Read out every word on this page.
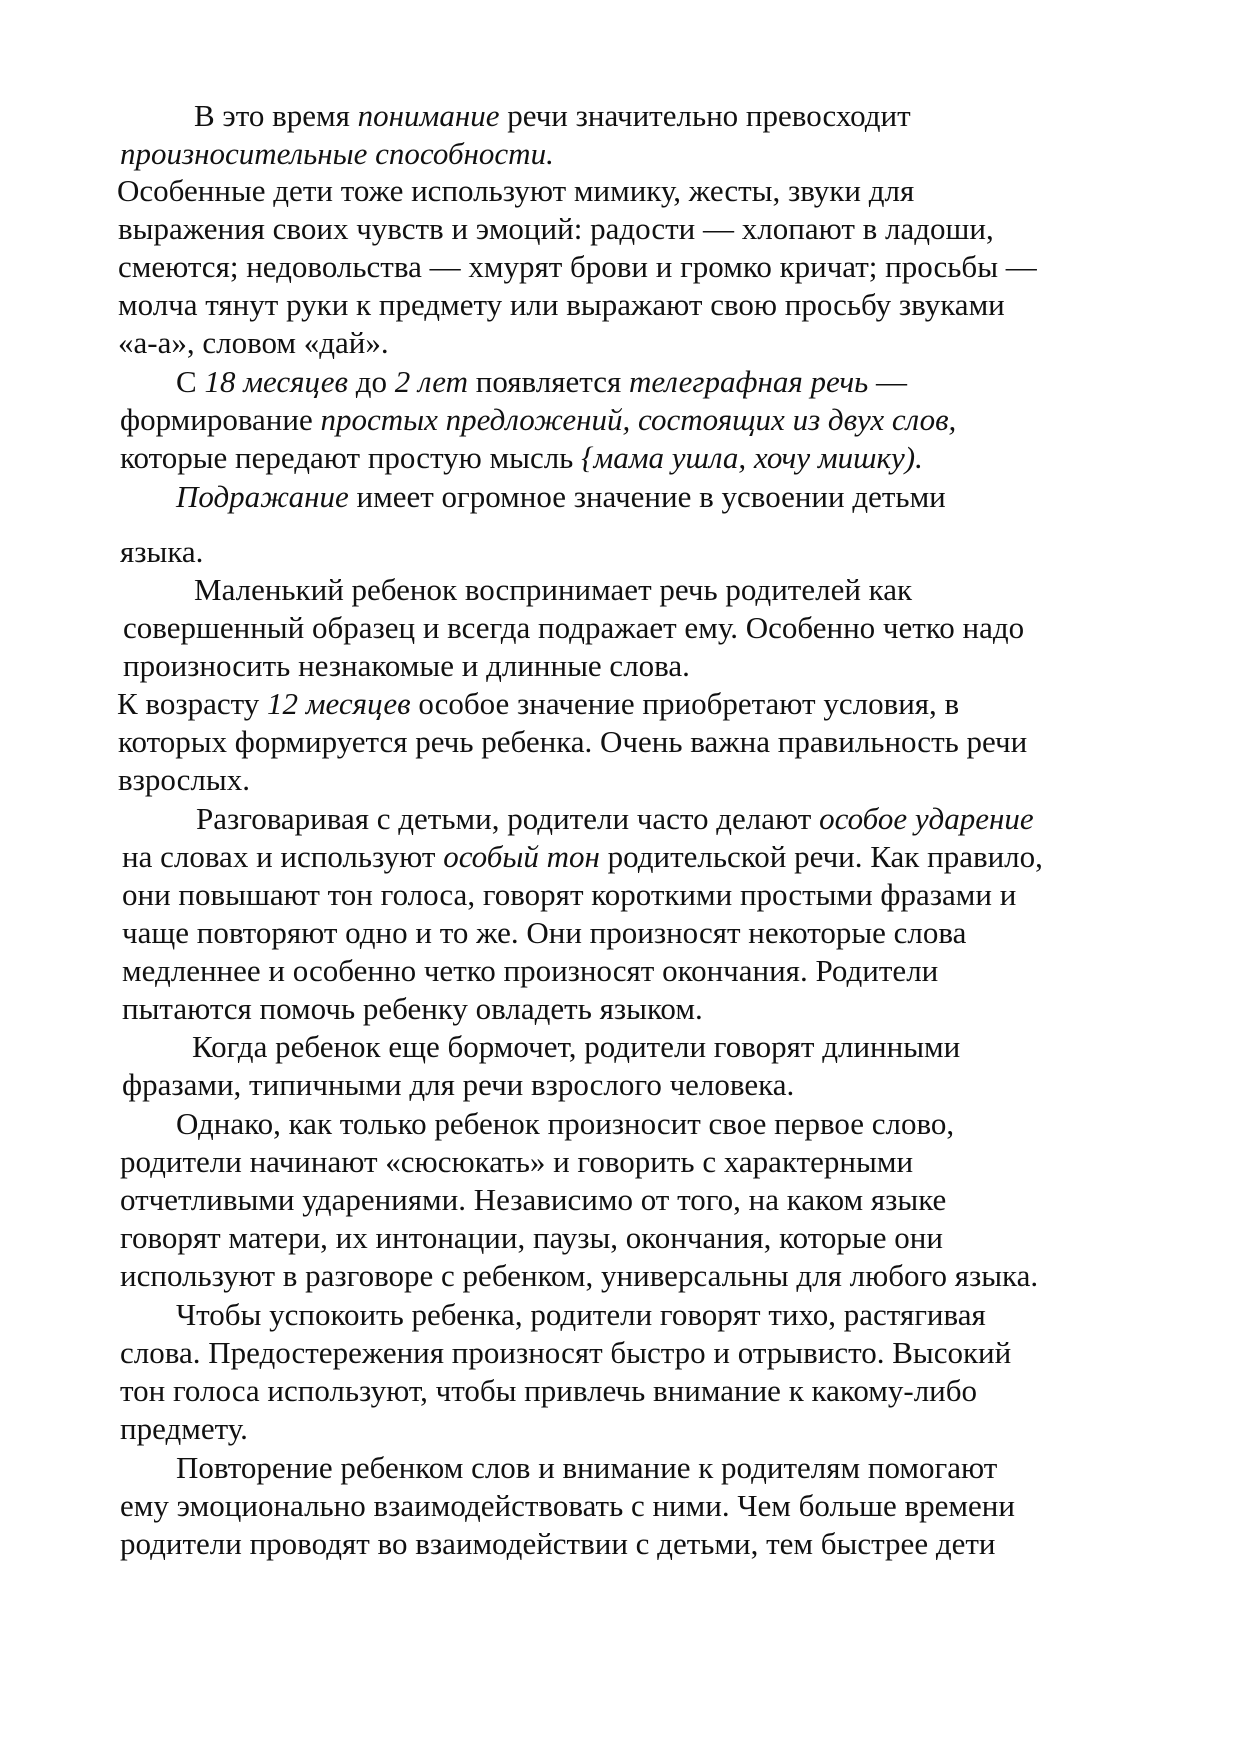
В это время понимание речи значительно превосходит

произносительные способности.

Особенные дети тоже используют мимику, жесты, звуки для

выражения своих чувств и эмоций: радости — хлопают в ладоши,

смеются; недовольства — хмурят брови и громко кричат; просьбы —

молча тянут руки к предмету или выражают свою просьбу звуками

«а-а», словом «дай».

С 18 месяцев до 2 лет появляется телеграфная речь —

формирование простых предложений, состоящих из двух слов,

которые передают простую мысль {мама ушла, хочу мишку).

Подражание имеет огромное значение в усвоении детьми

языка.

Маленький ребенок воспринимает речь родителей как

совершенный образец и всегда подражает ему. Особенно четко надо

произносить незнакомые и длинные слова.

К возрасту 12 месяцев особое значение приобретают условия, в

которых формируется речь ребенка. Очень важна правильность речи

взрослых.

Разговаривая с детьми, родители часто делают особое ударение

на словах и используют особый тон родительской речи. Как правило,

они повышают тон голоса, говорят короткими простыми фразами и

чаще повторяют одно и то же. Они произносят некоторые слова

медленнее и особенно четко произносят окончания. Родители

пытаются помочь ребенку овладеть языком.

Когда ребенок еще бормочет, родители говорят длинными

фразами, типичными для речи взрослого человека.

Однако, как только ребенок произносит свое первое слово,

родители начинают «сюсюкать» и говорить с характерными

отчетливыми ударениями. Независимо от того, на каком языке

говорят матери, их интонации, паузы, окончания, которые они

используют в разговоре с ребенком, универсальны для любого языка.

Чтобы успокоить ребенка, родители говорят тихо, растягивая

слова. Предостережения произносят быстро и отрывисто. Высокий

тон голоса используют, чтобы привлечь внимание к какому-либо

предмету.

Повторение ребенком слов и внимание к родителям помогают

ему эмоционально взаимодействовать с ними. Чем больше времени

родители проводят во взаимодействии с детьми, тем быстрее дети
